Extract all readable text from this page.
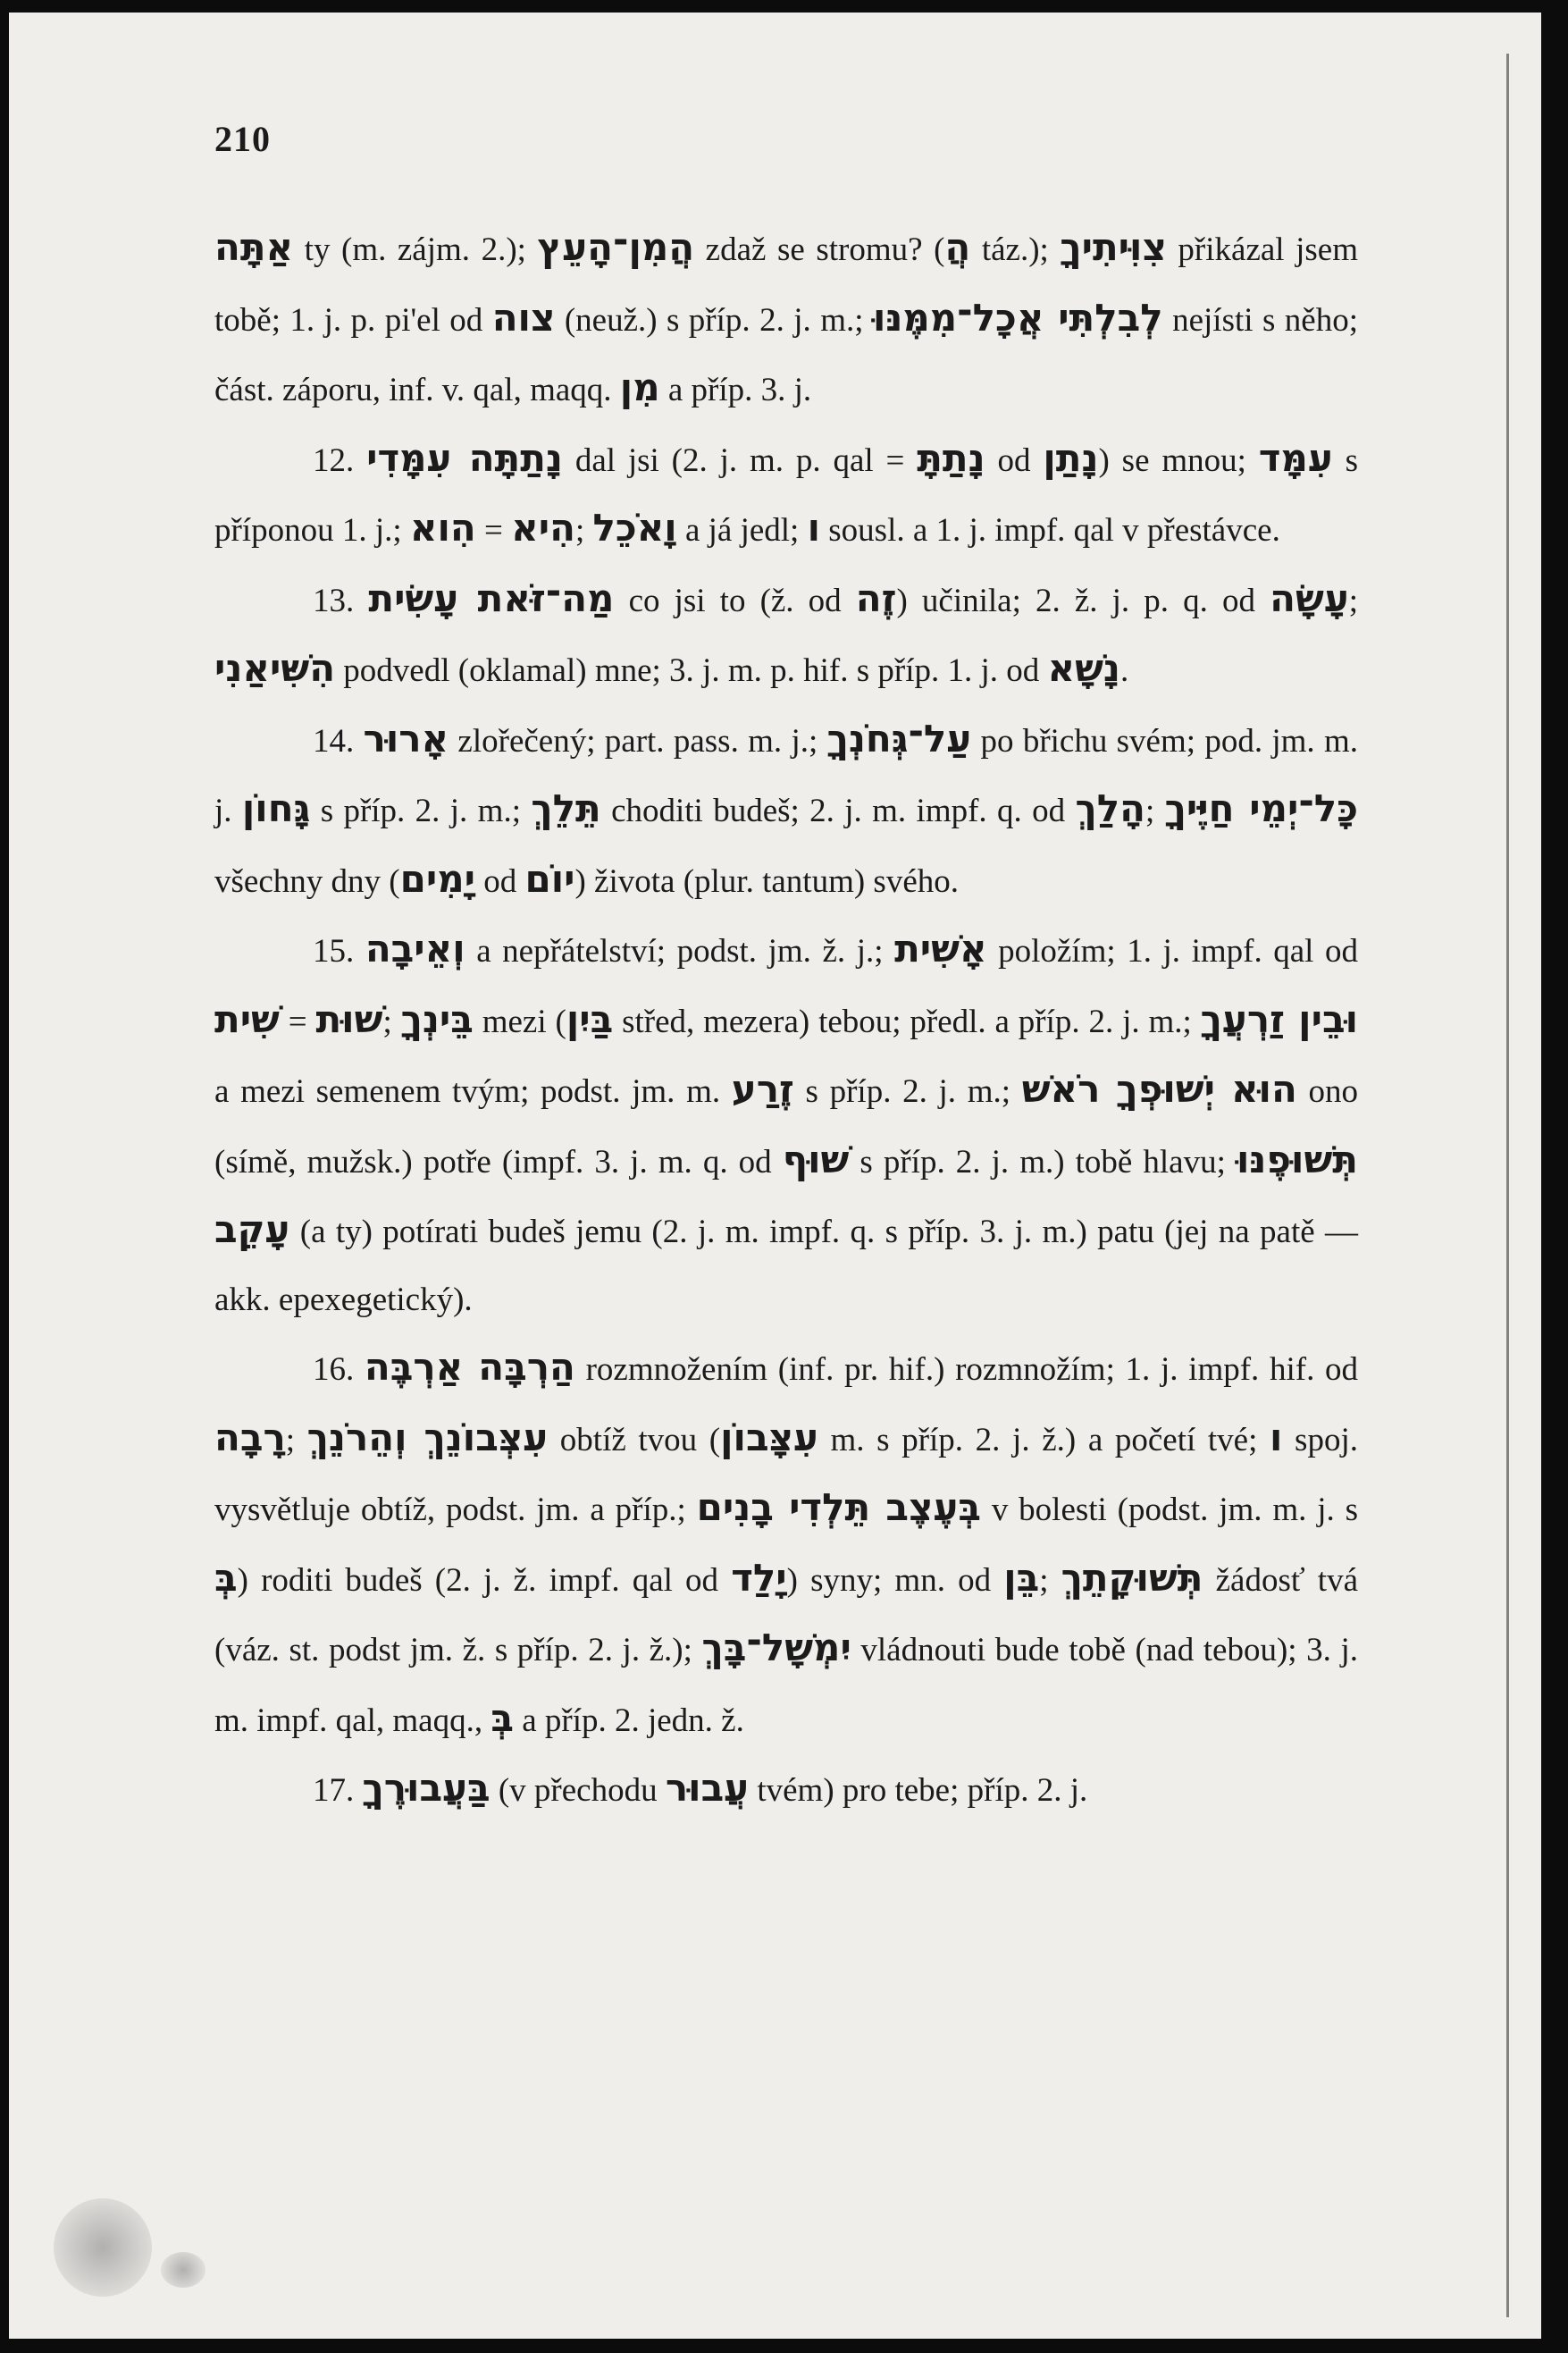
210

אַתָּה ty (m. zájm. 2.); הֲמִן־הָעֵץ zdaž se stromu? (הֲ táz.); צִוִּיתִיךָ přikázal jsem tobě; 1. j. p. pi'el od צוה (neuž.) s příp. 2. j. m.; לְבִלְתִּי אֲכָל־מִמֶּנּוּ nejísti s něho; část. záporu, inf. v. qal, maqq. מִן a příp. 3. j.

12. נָתַתָּה עִמָּדִי dal jsi (2. j. m. p. qal = נָתַתָּ od נָתַן) se mnou; עִמָּד s příponou 1. j.; הִוא = הִיא; וָאֹכֵל a já jedl; ו sousl. a 1. j. impf. qal v přestávce.

13. מַה־זֹּאת עָשִׂית co jsi to (ž. od זֶה) učinila; 2. ž. j. p. q. od עָשָׂה; הִשִּׁיאַנִי podvedl (oklamal) mne; 3. j. m. p. hif. s příp. 1. j. od נָשָׁא.

14. אָרוּר zlořečený; part. pass. m. j.; עַל־גְּחֹנְךָ po břichu svém; pod. jm. m. j. גָּחוֹן s příp. 2. j. m.; תֵּלֵךְ choditi budeš; 2. j. m. impf. q. od הָלַךְ; כָּל־יְמֵי חַיֶּיךָ všechny dny (יָמִים od יוֹם) života (plur. tantum) svého.

15. וְאֵיבָה a nepřátelství; podst. jm. ž. j.; אָשִׁית položím; 1. j. impf. qal od שִׁית = שׁוּת; בֵּינְךָ mezi (בַּיִן střed, mezera) tebou; předl. a příp. 2. j. m.; וּבֵין זַרְעֲךָ a mezi semenem tvým; podst. jm. m. זֶרַע s příp. 2. j. m.; הוּא יְשׁוּפְךָ רֹאשׁ ono (símě, mužsk.) potře (impf. 3. j. m. q. od שׁוּף s příp. 2. j. m.) tobě hlavu; תְּשׁוּפֶנּוּ עָקֵב (a ty) potírati budeš jemu (2. j. m. impf. q. s příp. 3. j. m.) patu (jej na patě — akk. epexegetický).

16. הַרְבָּה אַרְבֶּה rozmnožením (inf. pr. hif.) rozmnožím; 1. j. impf. hif. od רָבָה; עִצְּבוֹנֵךְ וְהֵרֹנֵךְ obtíž tvou (עִצָּבוֹן m. s příp. 2. j. ž.) a početí tvé; ו spoj. vysvětluje obtíž, podst. jm. a příp.; בְּעֶצֶב תֵּלְדִי בָנִים v bolesti (podst. jm. m. j. s בְּ) roditi budeš (2. j. ž. impf. qal od יָלַד) syny; mn. od בֵּן; תְּשׁוּקָתֵךְ žádosť tvá (váz. st. podst jm. ž. s příp. 2. j. ž.); יִמְשָׁל־בָּךְ vládnouti bude tobě (nad tebou); 3. j. m. impf. qal, maqq., בְּ a příp. 2. jedn. ž.

17. בַּעֲבוּרֶךָ (v přechodu עֲבוּר tvém) pro tebe; příp. 2. j.
